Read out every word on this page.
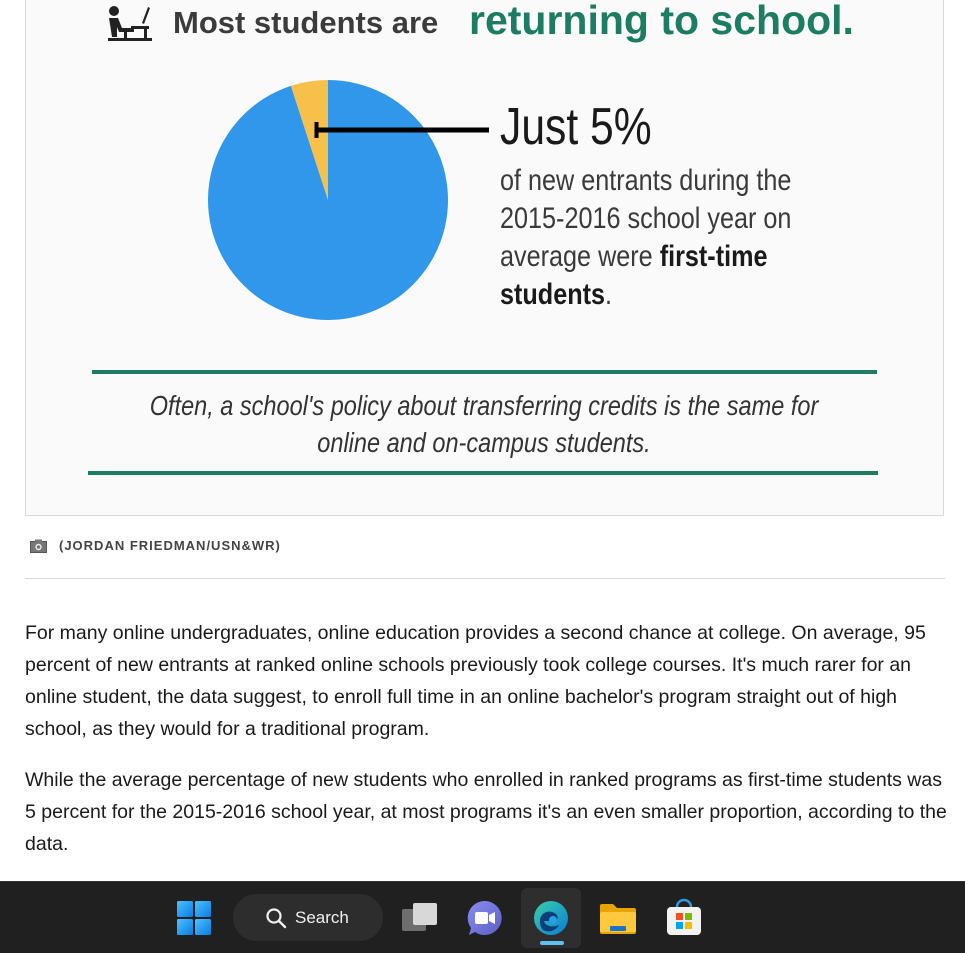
Most students are returning to school.
Just 5%
of new entrants during the
2015-2016 school year on
average were first-time
students.
Often, a school's policy about transferring credits is the same for
online and on-campus students.
(JORDAN FRIEDMAN/USN&WR)

For many online undergraduates, online education provides a second chance at college. On average, 95 percent of new entrants at ranked online schools previously took college courses. It's much rarer for an online student, the data suggest, to enroll full time in an online bachelor's program straight out of high school, as they would for a traditional program.

While the average percentage of new students who enrolled in ranked programs as first-time students was 5 percent for the 2015-2016 school year, at most programs it's an even smaller proportion, according to the data.

Search
